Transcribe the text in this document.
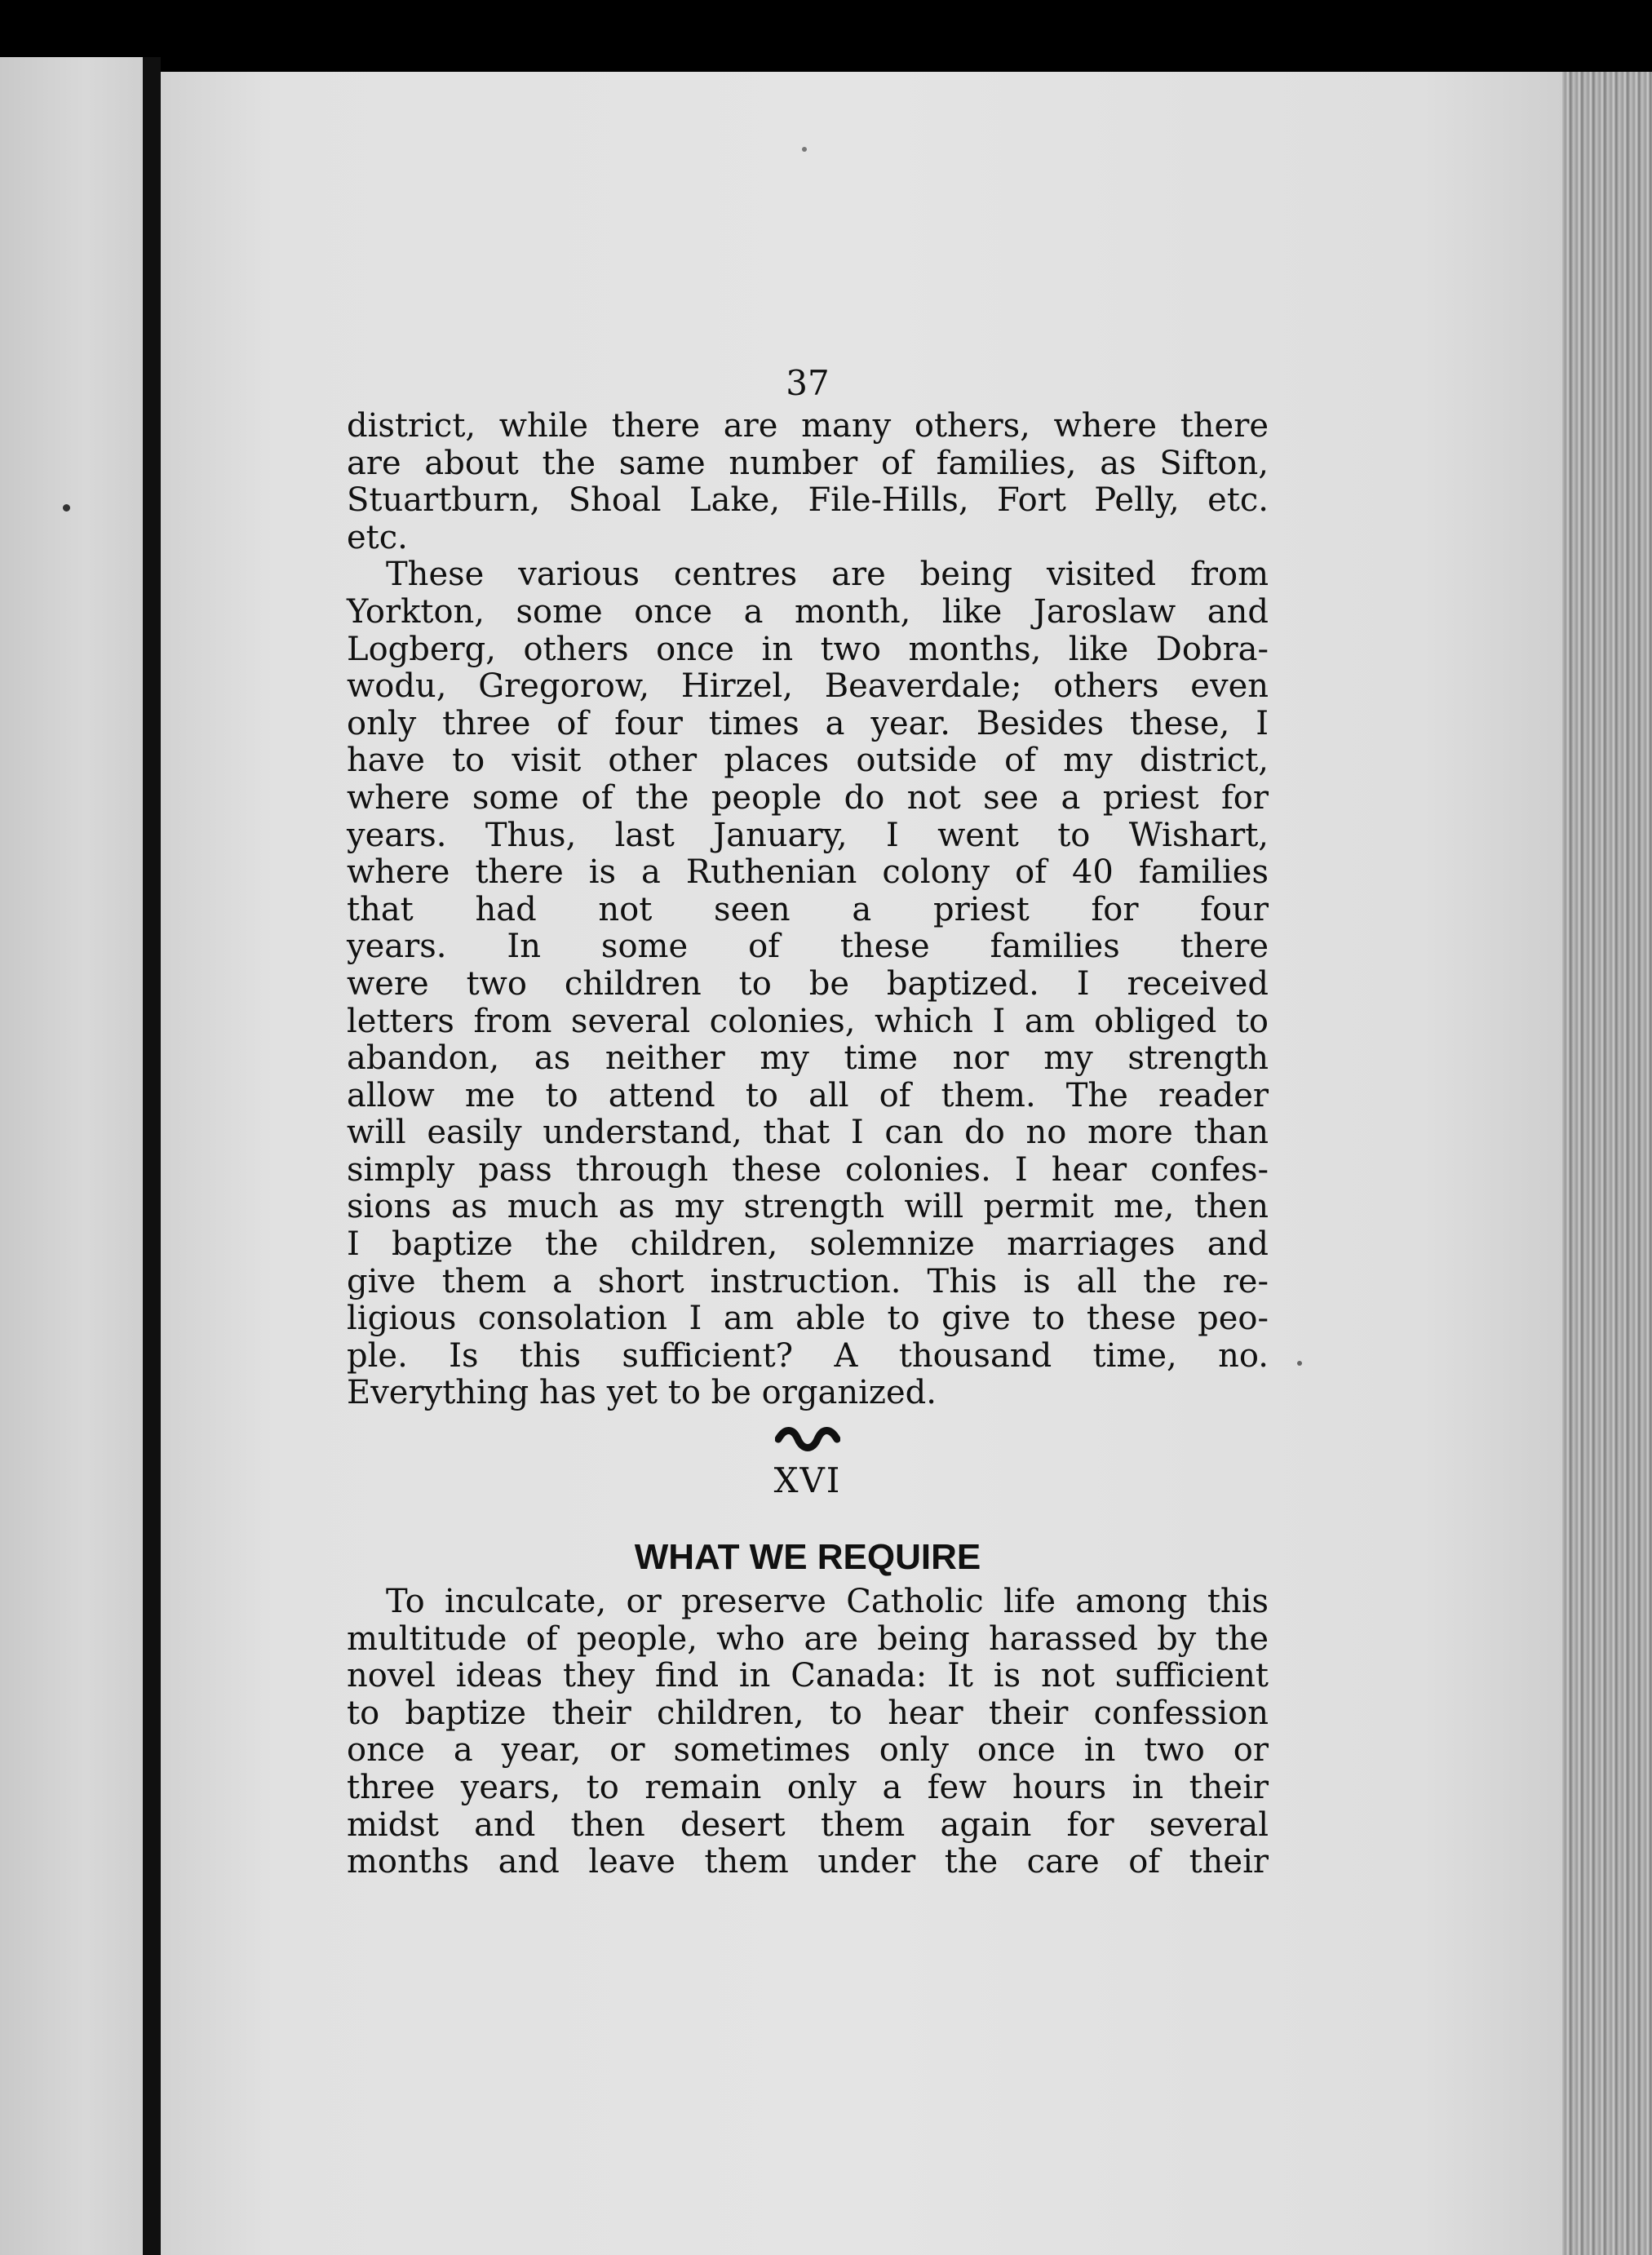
37
district, while there are many others, where there
are about the same number of families, as Sifton,
Stuartburn, Shoal Lake, File-Hills, Fort Pelly, etc.
etc.
These various centres are being visited from
Yorkton, some once a month, like Jaroslaw and
Logberg, others once in two months, like Dobra-
wodu, Gregorow, Hirzel, Beaverdale; others even
only three of four times a year. Besides these, I
have to visit other places outside of my district,
where some of the people do not see a priest for
years. Thus, last January, I went to Wishart,
where there is a Ruthenian colony of 40 families
that had not seen a priest for four
years. In some of these families there
were two children to be baptized. I received
letters from several colonies, which I am obliged to
abandon, as neither my time nor my strength
allow me to attend to all of them. The reader
will easily understand, that I can do no more than
simply pass through these colonies. I hear confes-
sions as much as my strength will permit me, then
I baptize the children, solemnize marriages and
give them a short instruction. This is all the re-
ligious consolation I am able to give to these peo-
ple. Is this sufficient? A thousand time, no.
Everything has yet to be organized.
XVI
WHAT WE REQUIRE
To inculcate, or preserve Catholic life among this
multitude of people, who are being harassed by the
novel ideas they find in Canada: It is not sufficient
to baptize their children, to hear their confession
once a year, or sometimes only once in two or
three years, to remain only a few hours in their
midst and then desert them again for several
months and leave them under the care of their
